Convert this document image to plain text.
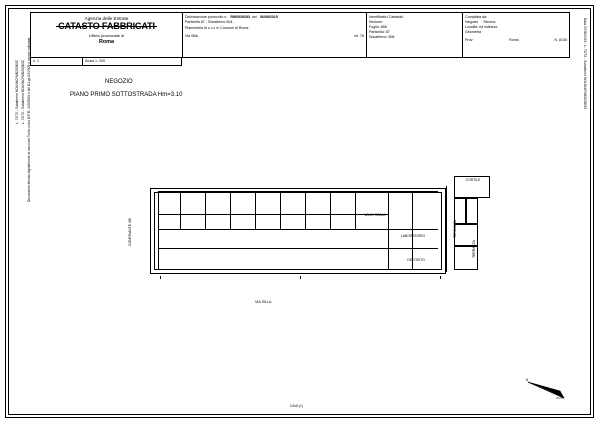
L. 72/72 - Subalterno NOLNNO*MDZ05K9Z L. 72/72 - Subalterno NOLNNO*MDZ05K9Z Documento firmato digitalmente ai sensi del Testo Unico D.P.R. 445/2000 e del D.Lgs 82/2005 e norme collegate	Data 07/08/2015 - L. 72/72 - Subalterno NOLNNO*MDZ05K9Z
Agenzia delle Entrate
CATASTO FABBRICATI
Ufficio provinciale di
Roma
Dichiarazione protocollo n. RM0539283 del 06/08/2015
Particella 87 - Subalterno 504 -
Planimetria di u.i.u. in Comune di Roma
Via Silla	int. 76
Identificativi Catastali:
Sezione:
Foglio: 856
Particella: 87
Subalterno: 508
Compilata da:
Negozio Simona
Localita' ed indirizzo:
Geometra
Prov:	Roma	N. 8145
n. 1	Scala 1: 200
NEGOZIO
PIANO PRIMO SOTTOSTRADA Hm=3.10
VANO SCALA
LABORATORIO
DEPOSITO
CONFINANTE 4/8	TERRAZZA
TERRAZZA
CORTILE
VIA SILLA
CAVA (1)
N
